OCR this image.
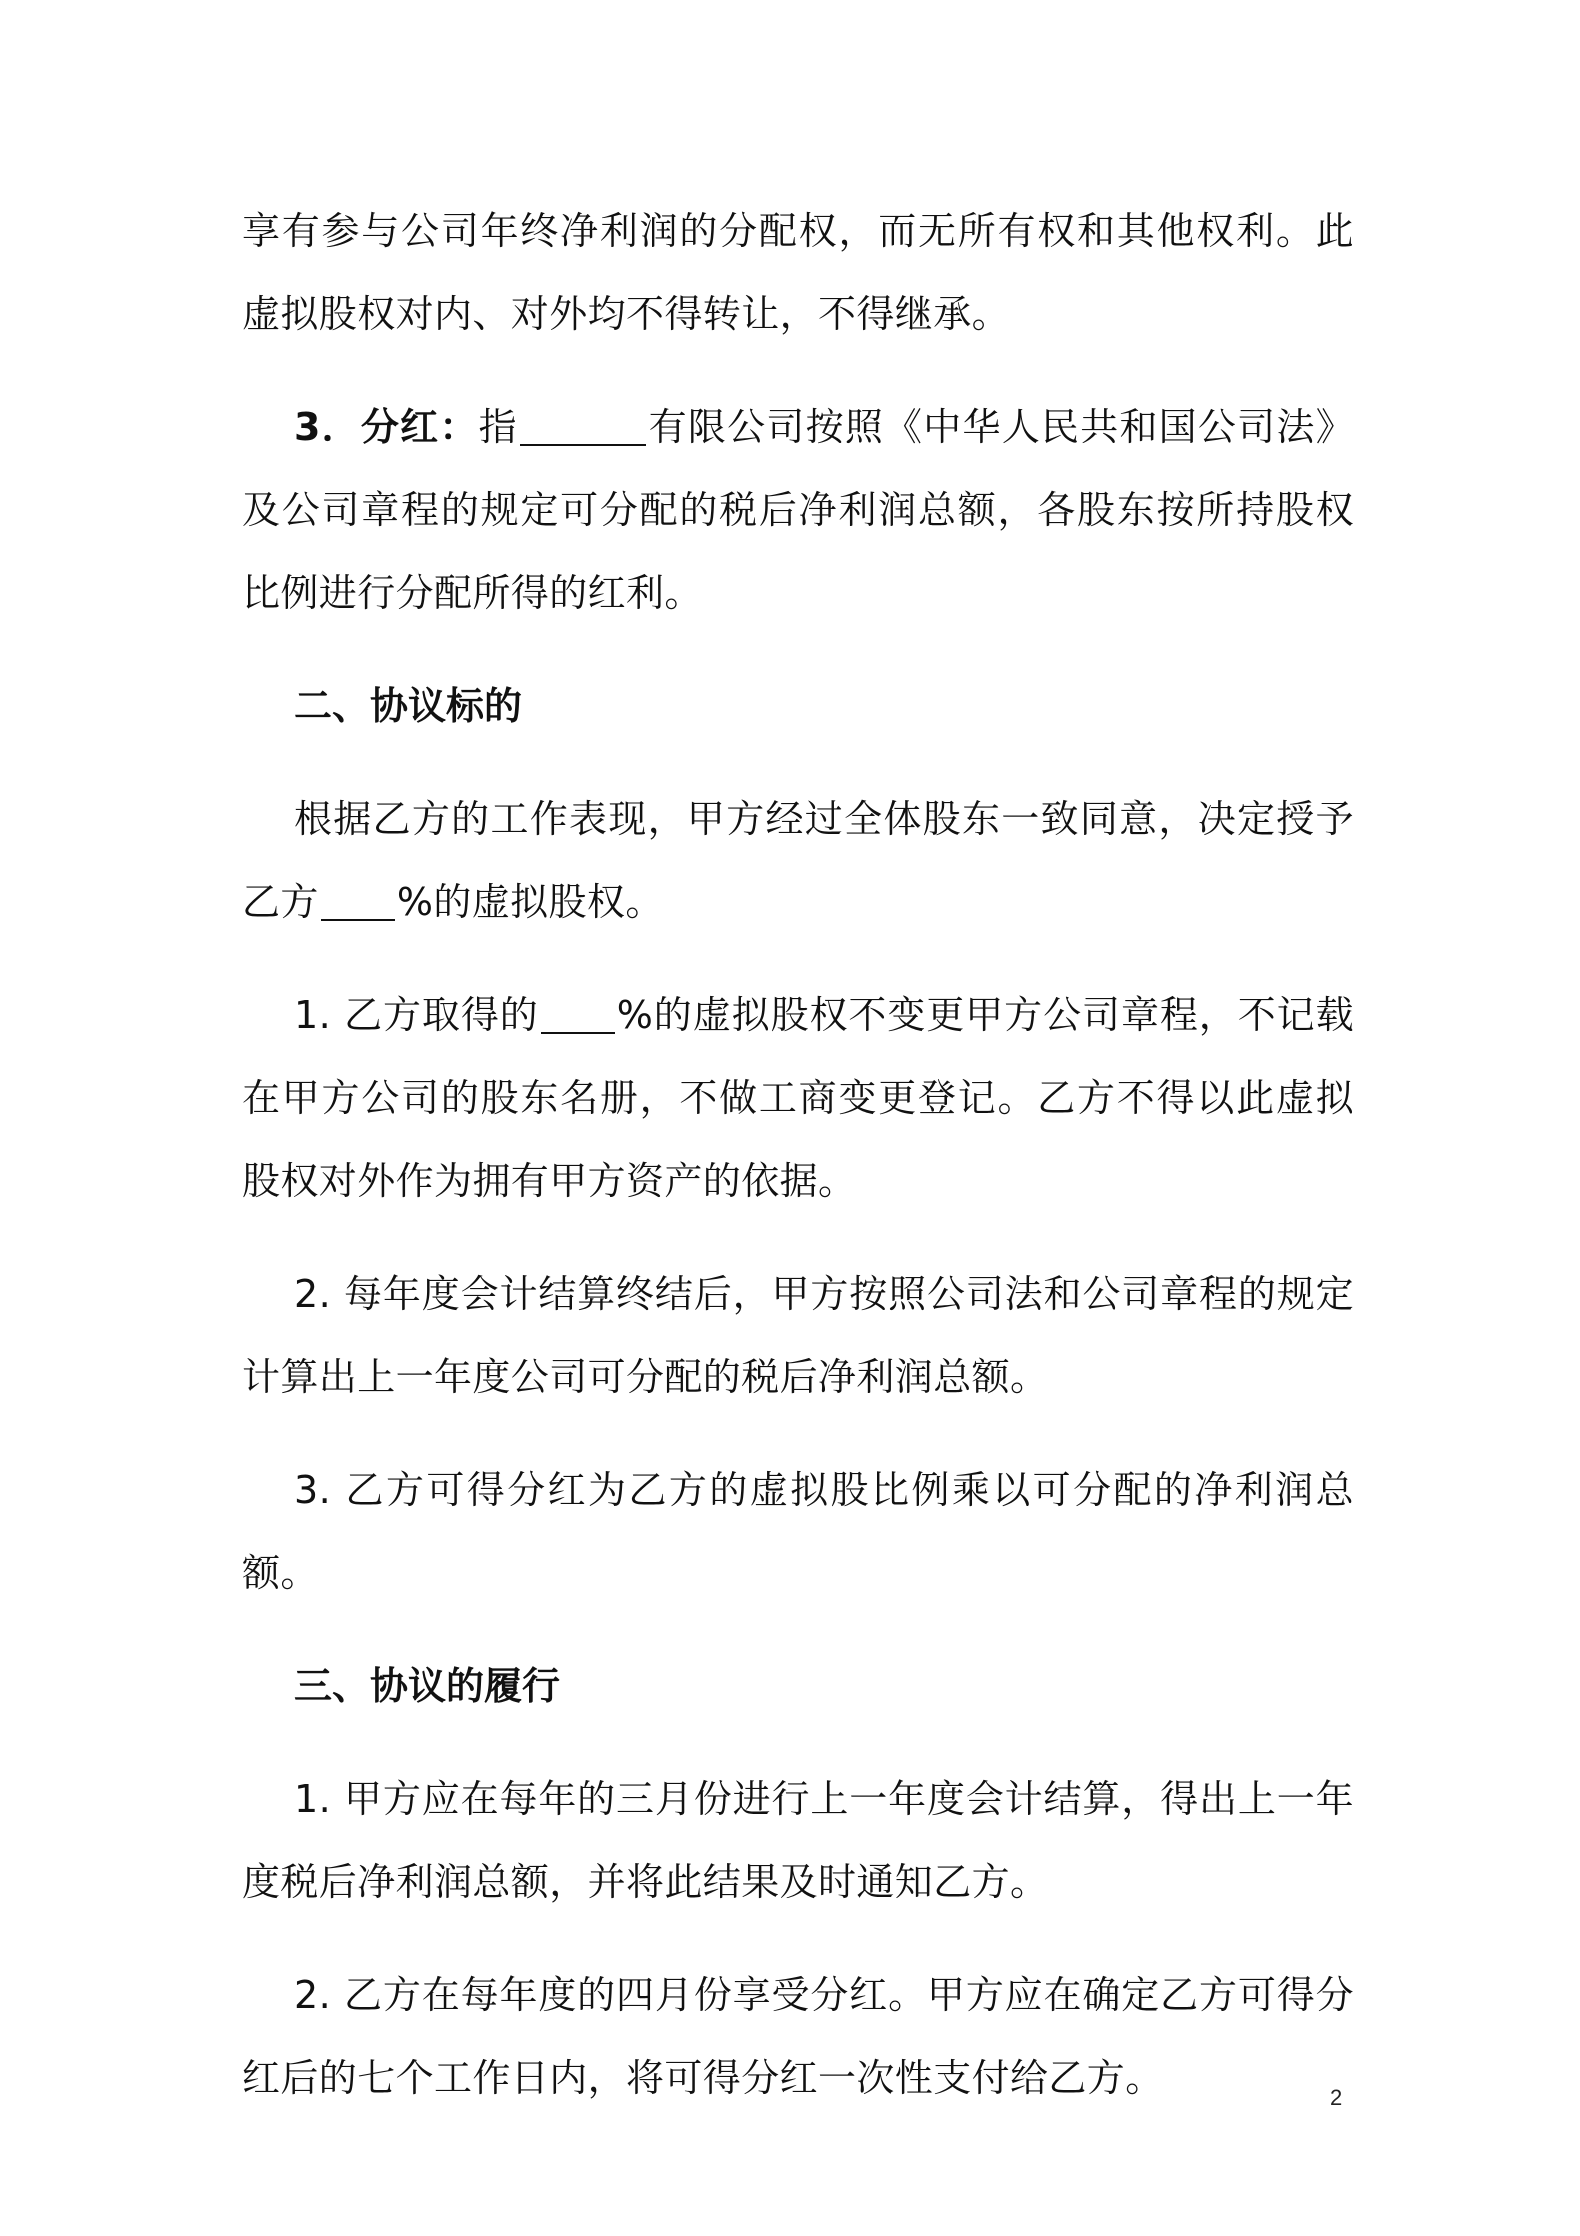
享有参与公司年终净利润的分配权，而无所有权和其他权利。此虚拟股权对内、对外均不得转让，不得继承。

3．分红：指	有限公司按照《中华人民共和国公司法》及公司章程的规定可分配的税后净利润总额，各股东按所持股权比例进行分配所得的红利。

二、协议标的

根据乙方的工作表现，甲方经过全体股东一致同意，决定授予乙方 %的虚拟股权。

1. 乙方取得的 %的虚拟股权不变更甲方公司章程，不记载在甲方公司的股东名册，不做工商变更登记。乙方不得以此虚拟股权对外作为拥有甲方资产的依据。

2. 每年度会计结算终结后，甲方按照公司法和公司章程的规定计算出上一年度公司可分配的税后净利润总额。

3. 乙方可得分红为乙方的虚拟股比例乘以可分配的净利润总额。

三、协议的履行

1. 甲方应在每年的三月份进行上一年度会计结算，得出上一年度税后净利润总额，并将此结果及时通知乙方。

2. 乙方在每年度的四月份享受分红。甲方应在确定乙方可得分红后的七个工作日内，将可得分红一次性支付给乙方。	2
